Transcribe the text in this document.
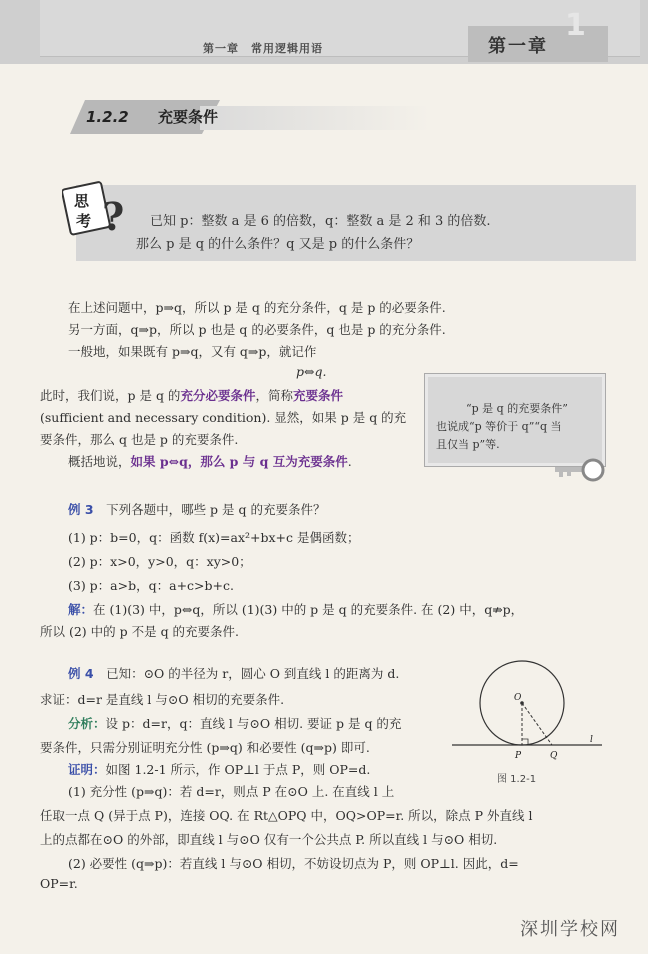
第一章　常用逻辑用语	第一章
1
1.2.2 充要条件
思
考 ? 已知 p：整数 a 是 6 的倍数，q：整数 a 是 2 和 3 的倍数.
那么 p 是 q 的什么条件？q 又是 p 的什么条件？
在上述问题中，p⇒q，所以 p 是 q 的充分条件，q 是 p 的必要条件.
另一方面，q⇒p，所以 p 也是 q 的必要条件，q 也是 p 的充分条件.
一般地，如果既有 p⇒q，又有 q⇒p，就记作
p⇔q.
此时，我们说，p 是 q 的充分必要条件，简称充要条件
(sufficient and necessary condition). 显然，如果 p 是 q 的充
要条件，那么 q 也是 p 的充要条件.
概括地说，如果 p⇔q，那么 p 与 q 互为充要条件.
“p 是 q 的充要条件”
也说成“p 等价于 q”“q 当
且仅当 p”等.
例 3　 下列各题中，哪些 p 是 q 的充要条件？
(1) p：b=0，q：函数 f(x)=ax²+bx+c 是偶函数；
(2) p：x>0，y>0，q：xy>0；
(3) p：a>b，q：a+c>b+c.
解：在 (1)(3) 中，p⇔q，所以 (1)(3) 中的 p 是 q 的充要条件. 在 (2) 中，q⇏p，
所以 (2) 中的 p 不是 q 的充要条件.
例 4　 已知：⊙O 的半径为 r，圆心 O 到直线 l 的距离为 d.
求证：d=r 是直线 l 与⊙O 相切的充要条件.
分析：设 p：d=r，q：直线 l 与⊙O 相切. 要证 p 是 q 的充
要条件，只需分别证明充分性 (p⇒q) 和必要性 (q⇒p) 即可.
证明：如图 1.2-1 所示，作 OP⊥l 于点 P，则 OP=d.
(1) 充分性 (p⇒q)：若 d=r，则点 P 在⊙O 上. 在直线 l 上
任取一点 Q (异于点 P)，连接 OQ. 在 Rt△OPQ 中，OQ>OP=r. 所以，除点 P 外直线 l
上的点都在⊙O 的外部，即直线 l 与⊙O 仅有一个公共点 P. 所以直线 l 与⊙O 相切.
(2) 必要性 (q⇒p)：若直线 l 与⊙O 相切，不妨设切点为 P，则 OP⊥l. 因此，d=
OP=r.
O
P	Q
l
图 1.2-1
深圳学校网
